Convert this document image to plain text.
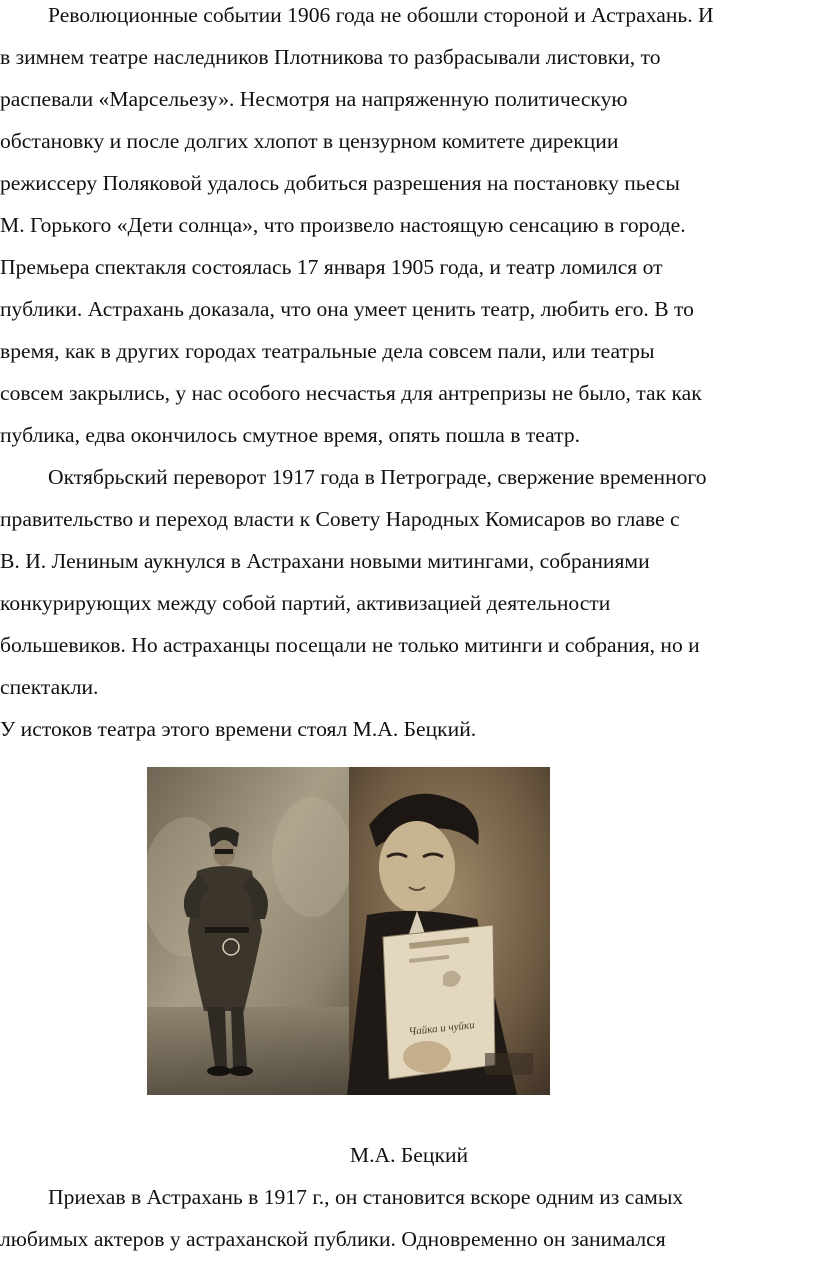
Революционные событии 1906 года не обошли стороной и Астрахань. И

в зимнем театре наследников Плотникова то разбрасывали листовки, то

распевали «Марсельезу». Несмотря на напряженную политическую

обстановку и после долгих хлопот в цензурном комитете дирекции

режиссеру Поляковой удалось добиться разрешения на постановку пьесы

М. Горького «Дети солнца», что произвело настоящую сенсацию в городе.

Премьера спектакля состоялась 17 января 1905 года, и театр ломился от

публики. Астрахань доказала, что она умеет ценить театр, любить его. В то

время, как в других городах театральные дела совсем пали, или театры

совсем закрылись, у нас особого несчастья для антрепризы не было, так как

публика, едва окончилось смутное время, опять пошла в театр.

Октябрьский переворот 1917 года в Петрограде, свержение временного

правительство и переход власти к Совету Народных Комисаров во главе с

В. И. Лениным аукнулся в Астрахани новыми митингами, собраниями

конкурирующих между собой партий, активизацией деятельности

большевиков. Но астраханцы посещали не только митинги и собрания, но и

спектакли.

У истоков театра этого времени стоял М.А. Бецкий.

Чайка и чуйки
М.А. Бецкий

Приехав в Астрахань в 1917 г., он становится вскоре одним из самых

любимых актеров у астраханской публики. Одновременно он занимался
